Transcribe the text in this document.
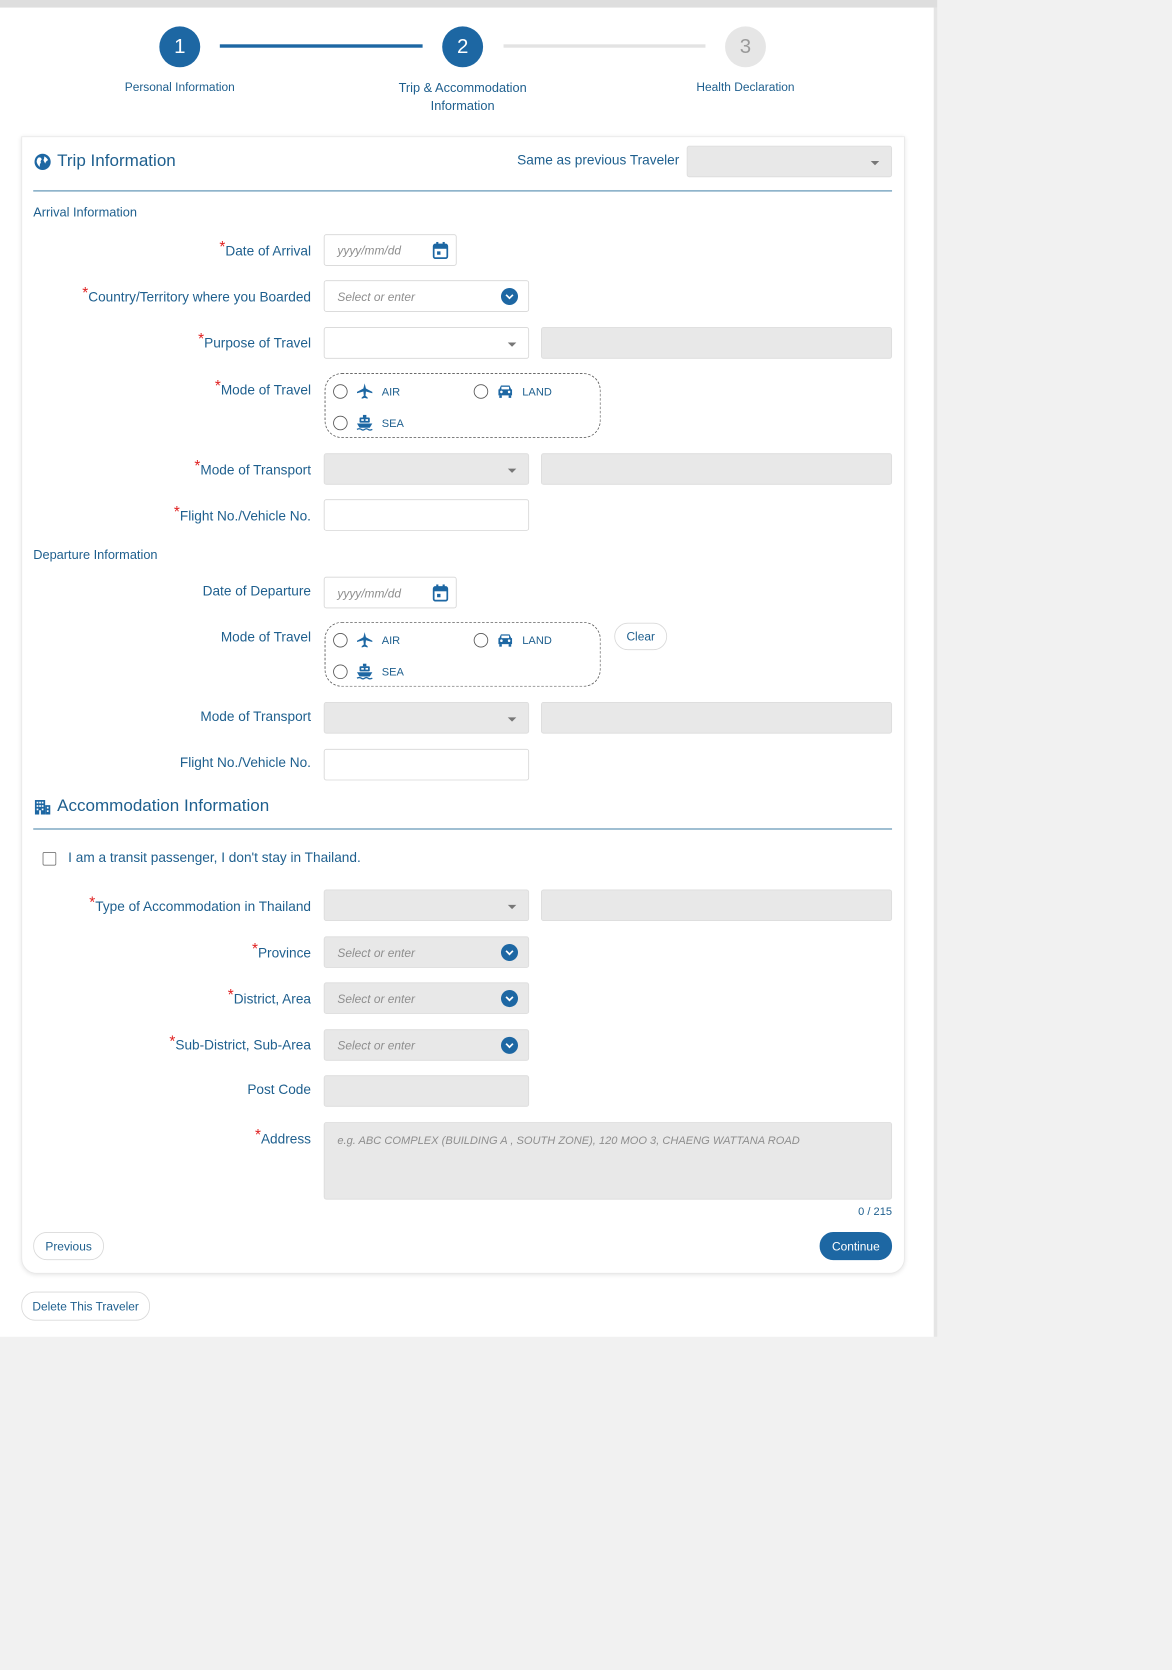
1	2	3
Personal Information	Trip & Accommodation Information
Health Declaration
Trip Information	Same as previous Traveler
Arrival Information
*Date of Arrival yyyy/mm/dd
*Country/Territory where you Boarded Select or enter
*Purpose of Travel
*Mode of Travel	AIR	LAND
SEA
*Mode of Transport
*Flight No./Vehicle No.
Departure Information
Date of Departure yyyy/mm/dd
Mode of Travel	AIR	LAND
SEA
Clear
Mode of Transport
Flight No./Vehicle No.
Accommodation Information
I am a transit passenger, I don't stay in Thailand.
*Type of Accommodation in Thailand
*Province Select or enter
*District, Area Select or enter
*Sub-District, Sub-Area Select or enter
Post Code
*Address e.g. ABC COMPLEX (BUILDING A , SOUTH ZONE), 120 MOO 3, CHAENG WATTANA ROAD
0 / 215
Previous	Continue
Delete This Traveler
